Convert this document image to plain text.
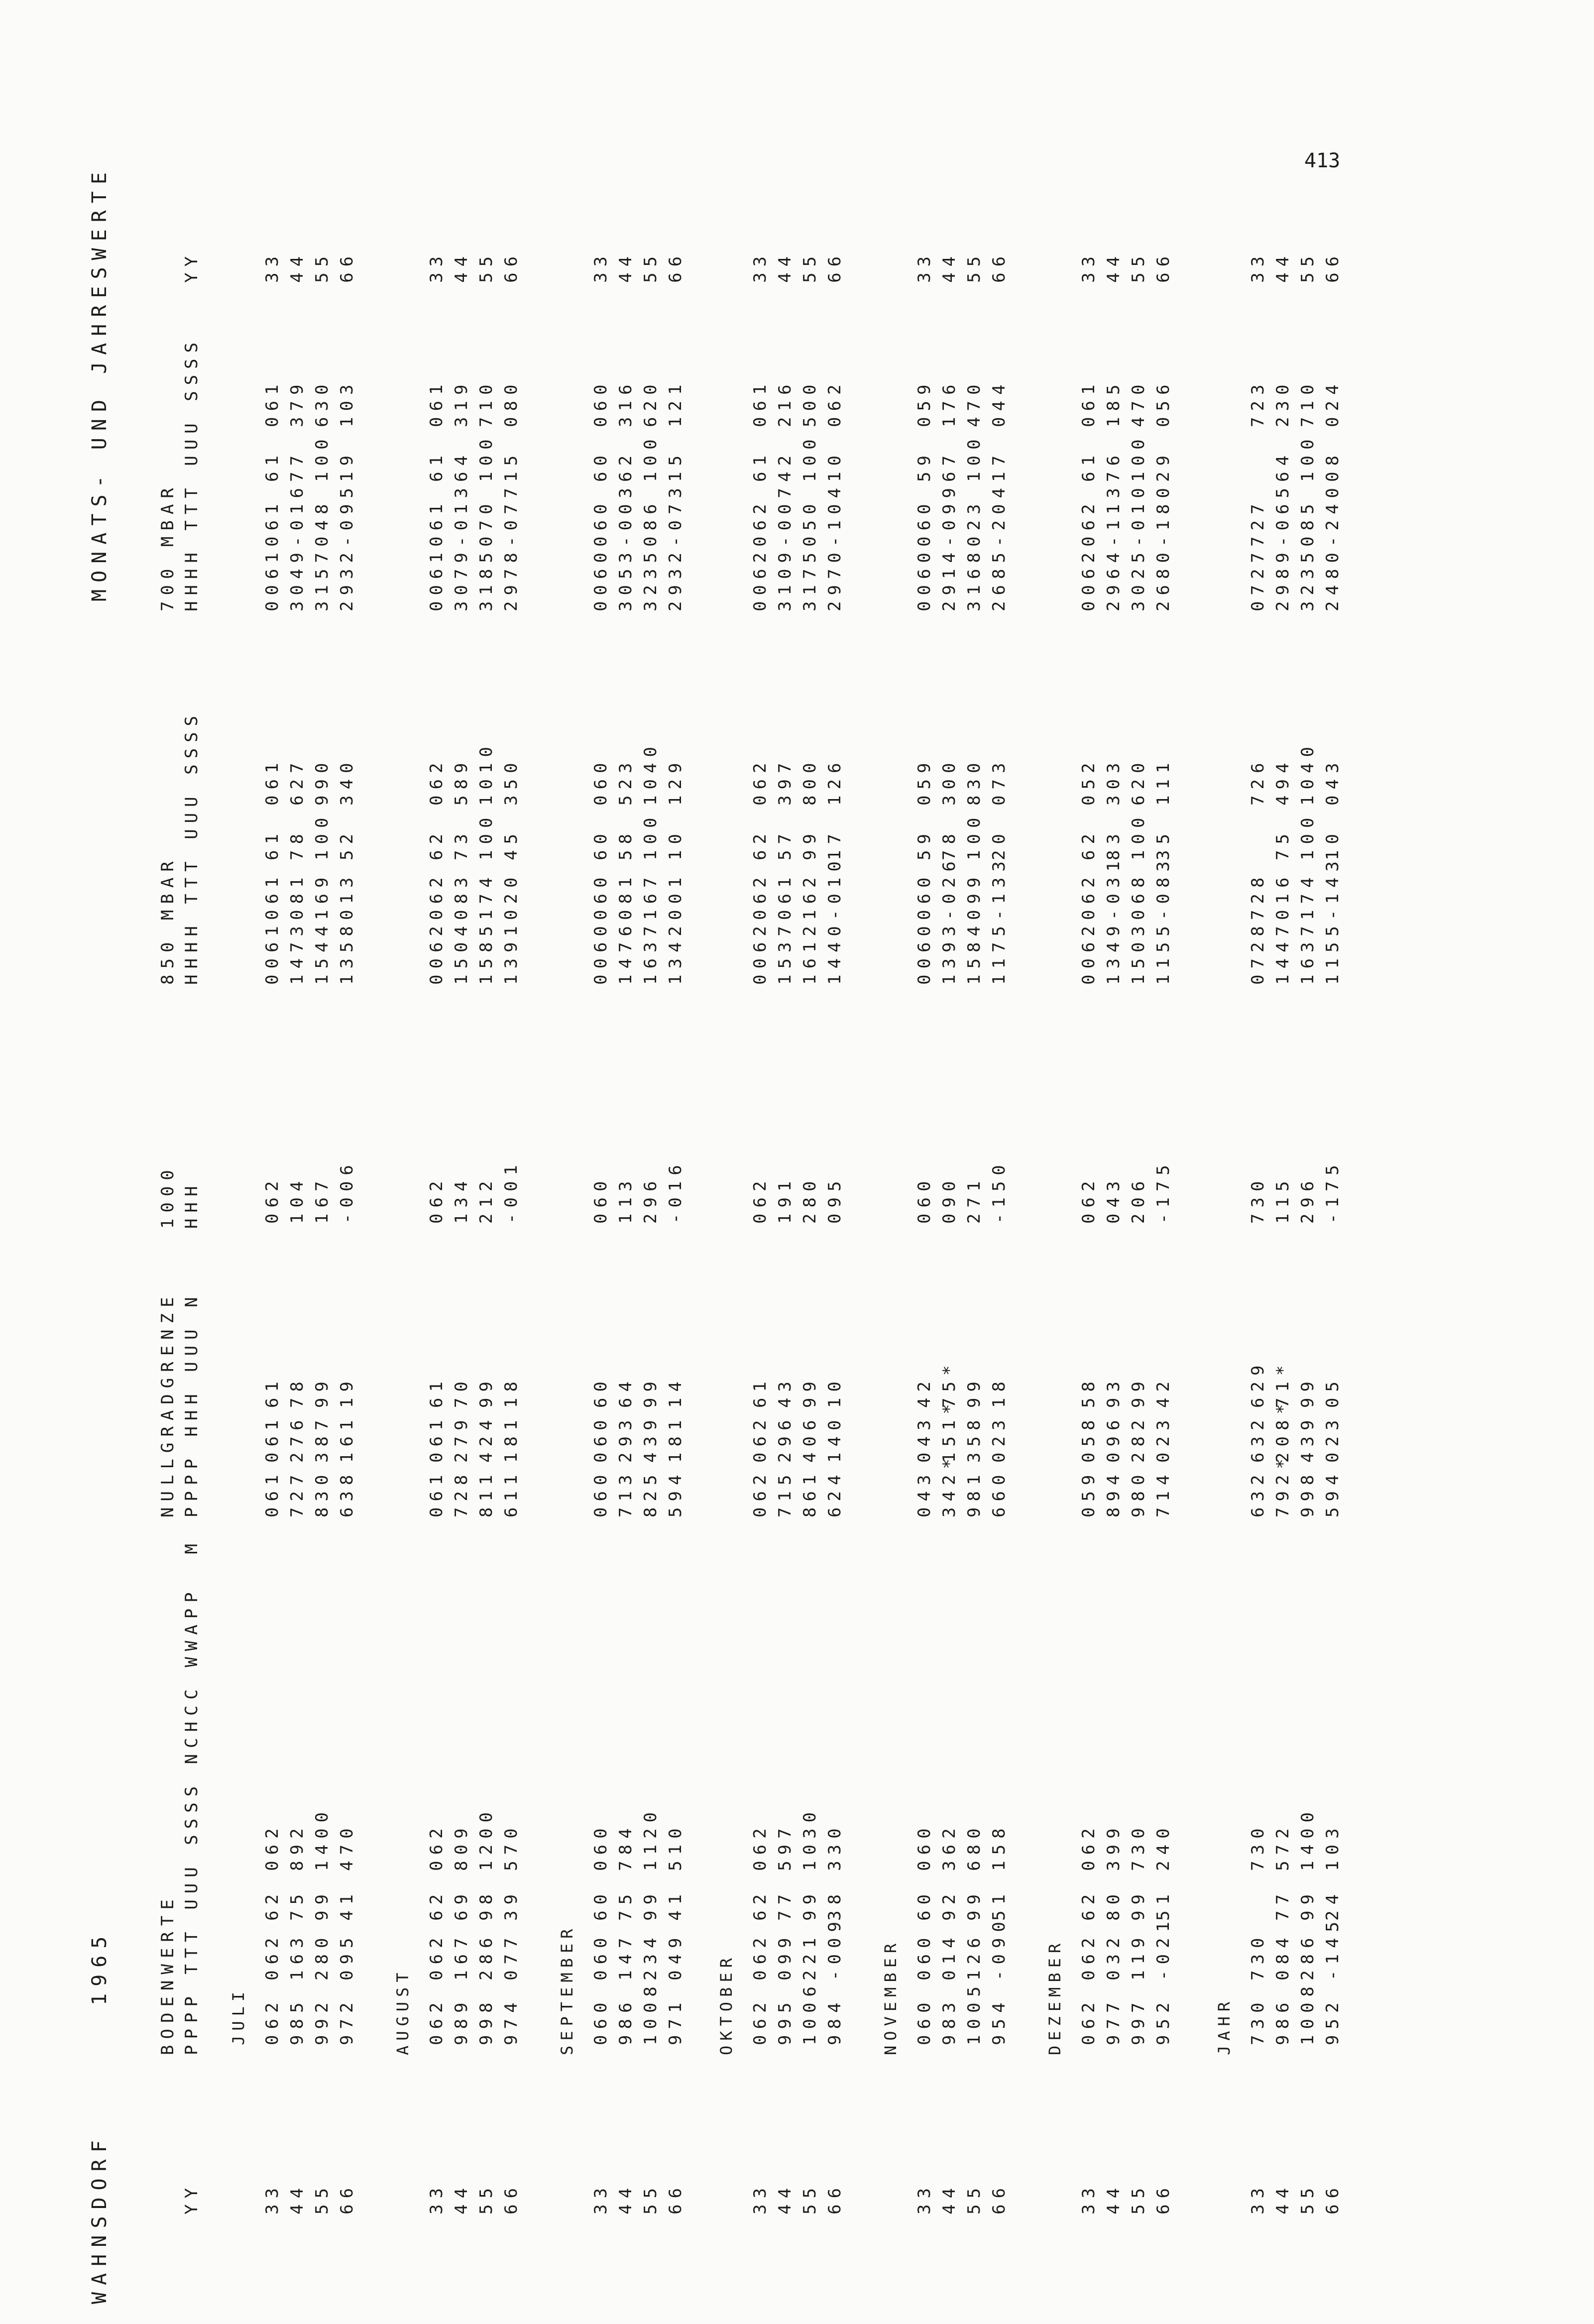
413
WAHNSDORF
1965
MONATS- UND JAHRESWERTE
BODENWERTE
NULLGRADGRENZE
1000
850 MBAR
700 MBAR
YY
PPPP TTT UUU SSSS NCHCC WWAPP  M
PPPP HHH UUU N
HHH
HHHH TTT UUU SSSS
HHHH TTT UUU SSSS
YY
JULI
33
062
062
62
062
061
061
61
062
0061
061
61
061
0061
061
61
061
33
44
985
163
75
892
727
276
78
104
1473
081
78
627
3049
-016
77
379
44
55
992
280
99
1400
830
387
99
167
1544
169
100
990
3157
048
100
630
55
66
972
095
41
470
638
161
19
-006
1358
013
52
340
2932
-095
19
103
66
AUGUST
33
062
062
62
062
061
061
61
062
0062
062
62
062
0061
061
61
061
33
44
989
167
69
809
728
279
70
134
1504
083
73
589
3079
-013
64
319
44
55
998
286
98
1200
811
424
99
212
1585
174
100
1010
3185
070
100
710
55
66
974
077
39
570
611
181
18
-001
1391
020
45
350
2978
-077
15
080
66
SEPTEMBER
33
060
060
60
060
060
060
60
060
0060
060
60
060
0060
060
60
060
33
44
986
147
75
784
713
293
64
113
1476
081
58
523
3053
-003
62
316
44
55
1008
234
99
1120
825
439
99
296
1637
167
100
1040
3235
086
100
620
55
66
971
049
41
510
594
181
14
-016
1342
001
10
129
2932
-073
15
121
66
OKTOBER
33
062
062
62
062
062
062
61
062
0062
062
62
062
0062
062
61
061
33
44
995
099
77
597
715
296
43
191
1537
061
57
397
3109
-007
42
216
44
55
1006
221
99
1030
861
406
99
280
1612
162
99
800
3175
050
100
500
55
66
984
-009
38
330
624
140
10
095
1440
-010
17
126
2970
-104
10
062
66
NOVEMBER
33
060
060
60
060
043
043
42
060
0060
060
59
059
0060
060
59
059
33
44
983
014
92
362
342*
151*
75*
090
1393
-026
78
300
2914
-099
67
176
44
55
1005
126
99
680
981
358
99
271
1584
099
100
830
3168
023
100
470
55
66
954
-090
51
158
660
023
18
-150
1175
-133
20
073
2685
-204
17
044
66
DEZEMBER
33
062
062
62
062
059
058
58
062
0062
062
62
052
0062
062
61
061
33
44
977
032
80
399
894
096
93
043
1349
-031
83
303
2964
-113
76
185
44
55
997
119
99
730
980
282
99
206
1503
068
100
620
3025
-010
100
470
55
66
952
-021
51
240
714
023
42
-175
1155
-083
35
111
2680
-180
29
056
66
JAHR
33
730
730
730
632
632
629
730
0728
728
726
0727
727
723
33
44
986
084
77
572
792*
208*
71*
115
1447
016
75
494
2989
-065
64
230
44
55
1008
286
99
1400
998
439
99
296
1637
174
100
1040
3235
085
100
710
55
66
952
-145
24
103
594
023
05
-175
1155
-143
10
043
2480
-240
08
024
66
